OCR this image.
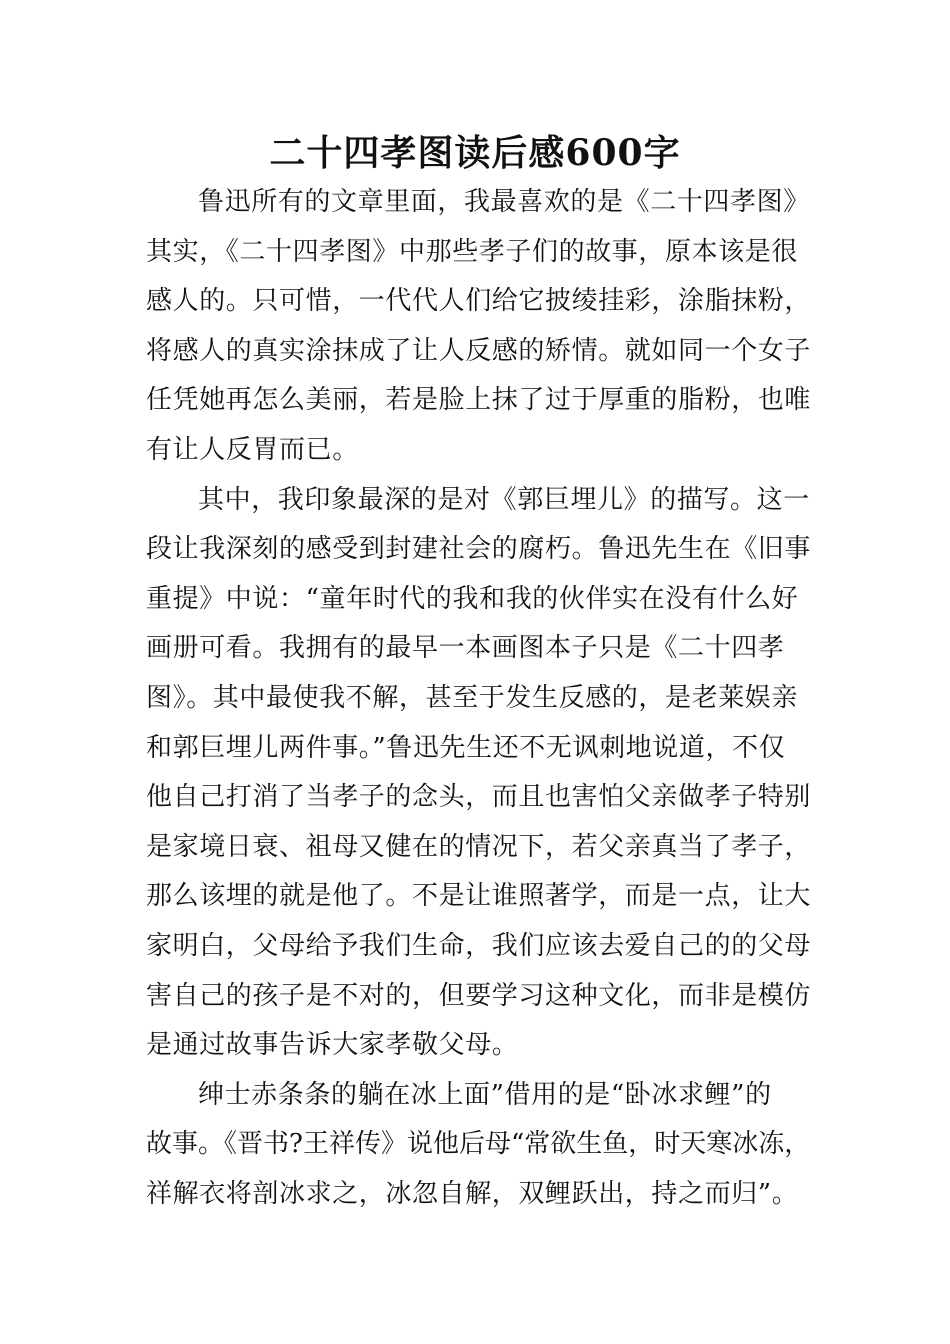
二十四孝图读后感600字
鲁迅所有的文章里面，我最喜欢的是《二十四孝图》
其实，《二十四孝图》中那些孝子们的故事，原本该是很
感人的。只可惜，一代代人们给它披绫挂彩，涂脂抹粉，
将感人的真实涂抹成了让人反感的矫情。就如同一个女子
任凭她再怎么美丽，若是脸上抹了过于厚重的脂粉，也唯
有让人反胃而已。
其中，我印象最深的是对《郭巨埋儿》的描写。这一
段让我深刻的感受到封建社会的腐朽。鲁迅先生在《旧事
重提》中说：“童年时代的我和我的伙伴实在没有什么好
画册可看。我拥有的最早一本画图本子只是《二十四孝
图》。其中最使我不解，甚至于发生反感的，是老莱娱亲
和郭巨埋儿两件事。”鲁迅先生还不无讽刺地说道，不仅
他自己打消了当孝子的念头，而且也害怕父亲做孝子特别
是家境日衰、祖母又健在的情况下，若父亲真当了孝子，
那么该埋的就是他了。不是让谁照著学，而是一点，让大
家明白，父母给予我们生命，我们应该去爱自己的的父母
害自己的孩子是不对的，但要学习这种文化，而非是模仿
是通过故事告诉大家孝敬父母。
绅士赤条条的躺在冰上面”借用的是“卧冰求鲤”的
故事。《晋书?王祥传》说他后母“常欲生鱼，时天寒冰冻，
祥解衣将剖冰求之，冰忽自解，双鲤跃出，持之而归”。
